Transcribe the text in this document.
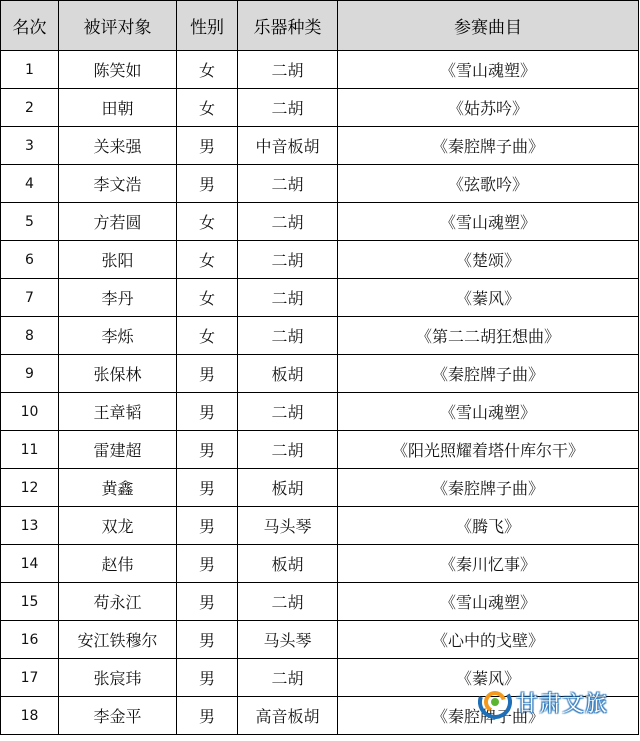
名次	被评对象	性别	乐器种类	参赛曲目
1	陈笑如	女	二胡	《雪山魂塑》
2	田朝	女	二胡	《姑苏吟》
3	关来强	男	中音板胡	《秦腔牌子曲》
4	李文浩	男	二胡	《弦歌吟》
5	方若圆	女	二胡	《雪山魂塑》
6	张阳	女	二胡	《楚颂》
7	李丹	女	二胡	《蓁风》
8	李烁	女	二胡	《第二二胡狂想曲》
9	张保林	男	板胡	《秦腔牌子曲》
10	王章韬	男	二胡	《雪山魂塑》
11	雷建超	男	二胡	《阳光照耀着塔什库尔干》
12	黄鑫	男	板胡	《秦腔牌子曲》
13	双龙	男	马头琴	《腾飞》
14	赵伟	男	板胡	《秦川忆事》
15	苟永江	男	二胡	《雪山魂塑》
16	安江铁穆尔	男	马头琴	《心中的戈壁》
17	张宸玮	男	二胡	《蓁风》
18	李金平	男	高音板胡	《秦腔牌子曲》
甘肃文旅
